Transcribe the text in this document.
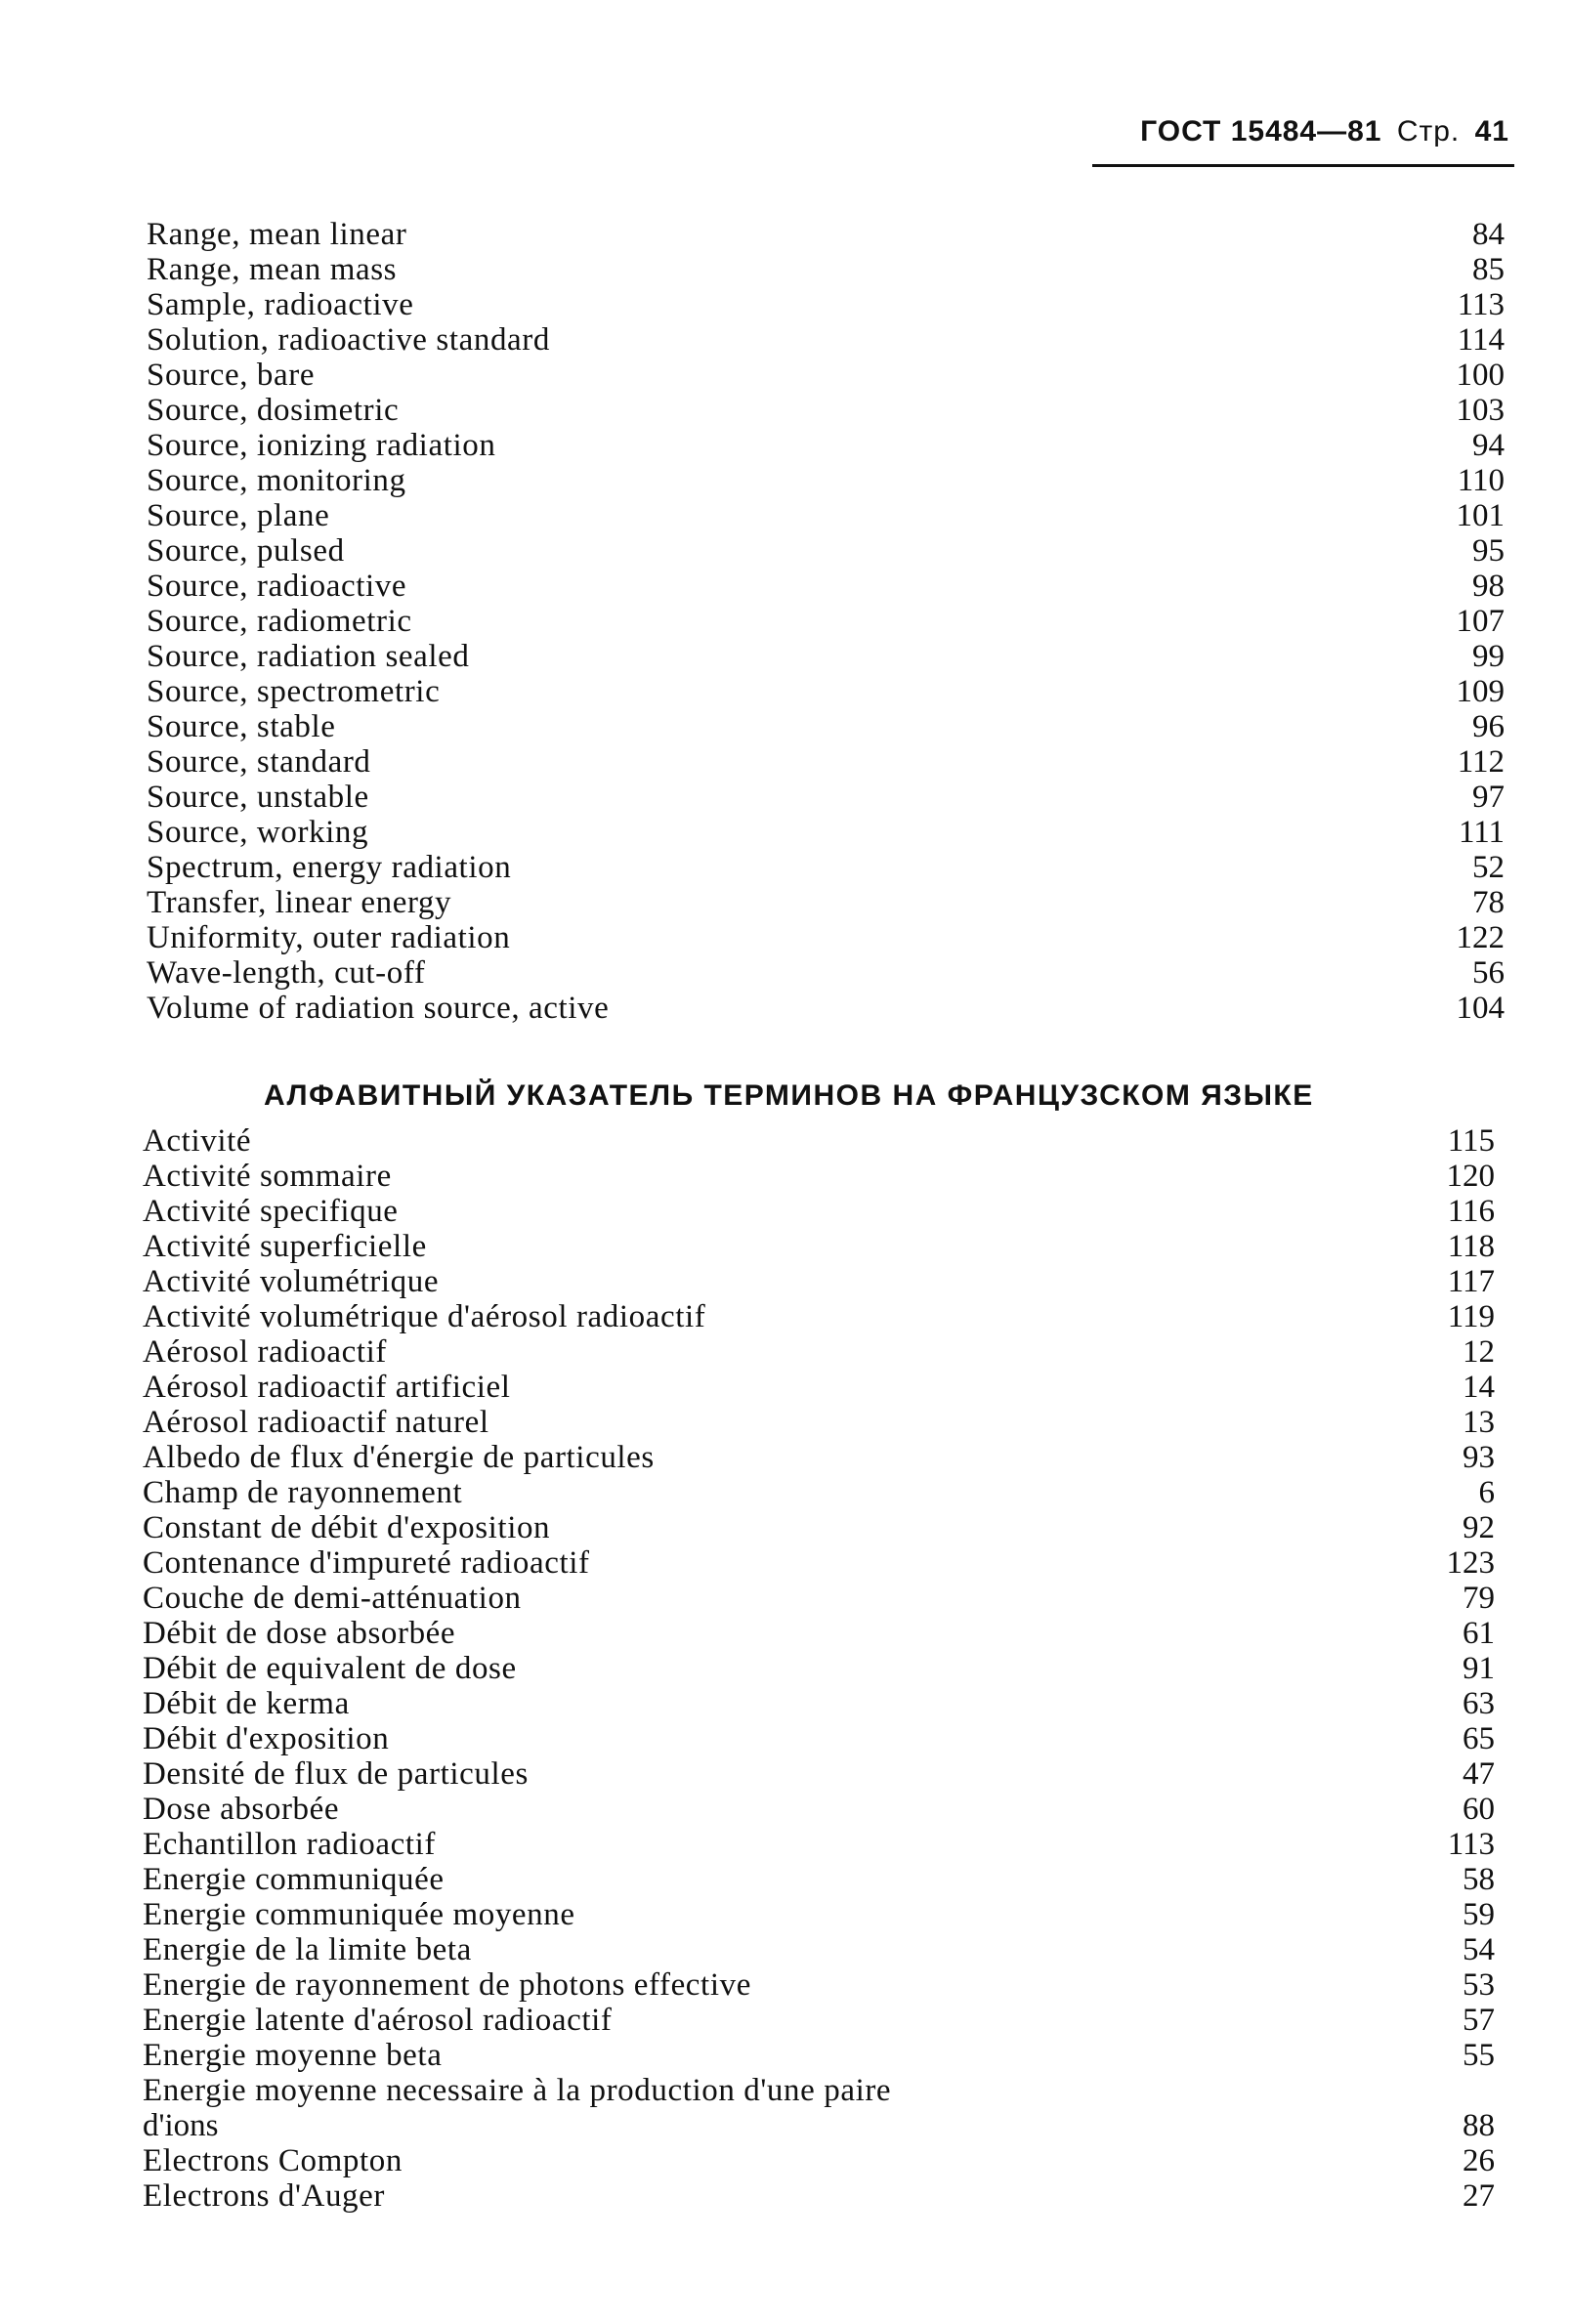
ГОСТ 15484—81 Стр. 41
Range, mean linear	84
Range, mean mass	85
Sample, radioactive	113
Solution, radioactive standard	114
Source, bare	100
Source, dosimetric	103
Source, ionizing radiation	94
Source, monitoring	110
Source, plane	101
Source, pulsed	95
Source, radioactive	98
Source, radiometric	107
Source, radiation sealed	99
Source, spectrometric	109
Source, stable	96
Source, standard	112
Source, unstable	97
Source, working	111
Spectrum, energy radiation	52
Transfer, linear energy	78
Uniformity, outer radiation	122
Wave-length, cut-off	56
Volume of radiation source, active	104
АЛФАВИТНЫЙ УКАЗАТЕЛЬ ТЕРМИНОВ НА ФРАНЦУЗСКОМ ЯЗЫКЕ
Activité	115
Activité sommaire	120
Activité specifique	116
Activité superficielle	118
Activité volumétrique	117
Activité volumétrique d'aérosol radioactif	119
Aérosol radioactif	12
Aérosol radioactif artificiel	14
Aérosol radioactif naturel	13
Albedo de flux d'énergie de particules	93
Champ de rayonnement	6
Constant de débit d'exposition	92
Contenance d'impureté radioactif	123
Couche de demi-atténuation	79
Débit de dose absorbée	61
Débit de equivalent de dose	91
Débit de kerma	63
Débit d'exposition	65
Densité de flux de particules	47
Dose absorbée	60
Echantillon radioactif	113
Energie communiquée	58
Energie communiquée moyenne	59
Energie de la limite beta	54
Energie de rayonnement de photons effective	53
Energie latente d'aérosol radioactif	57
Energie moyenne beta	55
Energie moyenne necessaire à la production d'une paire
d'ions	88
Electrons Compton	26
Electrons d'Auger	27
